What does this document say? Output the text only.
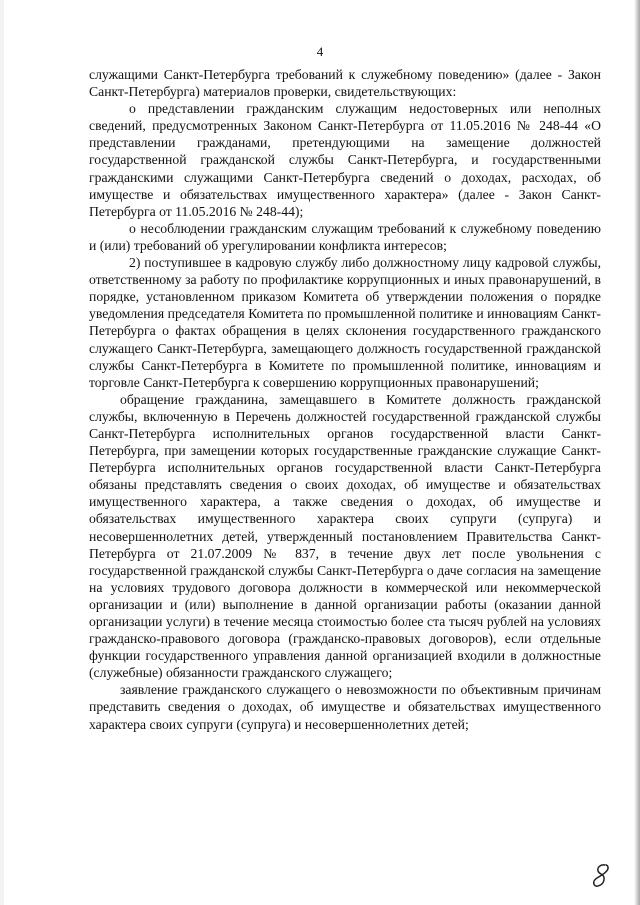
4

служащими Санкт-Петербурга требований к служебному поведению» (далее - Закон Санкт-Петербурга) материалов проверки, свидетельствующих:

о представлении гражданским служащим недостоверных или неполных сведений, предусмотренных Законом Санкт-Петербурга от 11.05.2016 № 248-44 «О представлении гражданами, претендующими на замещение должностей государственной гражданской службы Санкт-Петербурга, и государственными гражданскими служащими Санкт-Петербурга сведений о доходах, расходах, об имуществе и обязательствах имущественного характера» (далее - Закон Санкт-Петербурга от 11.05.2016 № 248-44);

о несоблюдении гражданским служащим требований к служебному поведению и (или) требований об урегулировании конфликта интересов;

2) поступившее в кадровую службу либо должностному лицу кадровой службы, ответственному за работу по профилактике коррупционных и иных правонарушений, в порядке, установленном приказом Комитета об утверждении положения о порядке уведомления председателя Комитета по промышленной политике и инновациям Санкт-Петербурга о фактах обращения в целях склонения государственного гражданского служащего Санкт-Петербурга, замещающего должность государственной гражданской службы Санкт-Петербурга в Комитете по промышленной политике, инновациям и торговле Санкт-Петербурга к совершению коррупционных правонарушений;

обращение гражданина, замещавшего в Комитете должность гражданской службы, включенную в Перечень должностей государственной гражданской службы Санкт-Петербурга исполнительных органов государственной власти Санкт-Петербурга, при замещении которых государственные гражданские служащие Санкт-Петербурга исполнительных органов государственной власти Санкт-Петербурга обязаны представлять сведения о своих доходах, об имуществе и обязательствах имущественного характера, а также сведения о доходах, об имуществе и обязательствах имущественного характера своих супруги (супруга) и несовершеннолетних детей, утвержденный постановлением Правительства Санкт-Петербурга от 21.07.2009 № 837, в течение двух лет после увольнения с государственной гражданской службы Санкт-Петербурга о даче согласия на замещение на условиях трудового договора должности в коммерческой или некоммерческой организации и (или) выполнение в данной организации работы (оказании данной организации услуги) в течение месяца стоимостью более ста тысяч рублей на условиях гражданско-правового договора (гражданско-правовых договоров), если отдельные функции государственного управления данной организацией входили в должностные (служебные) обязанности гражданского служащего;

заявление гражданского служащего о невозможности по объективным причинам представить сведения о доходах, об имуществе и обязательствах имущественного характера своих супруги (супруга) и несовершеннолетних детей;
